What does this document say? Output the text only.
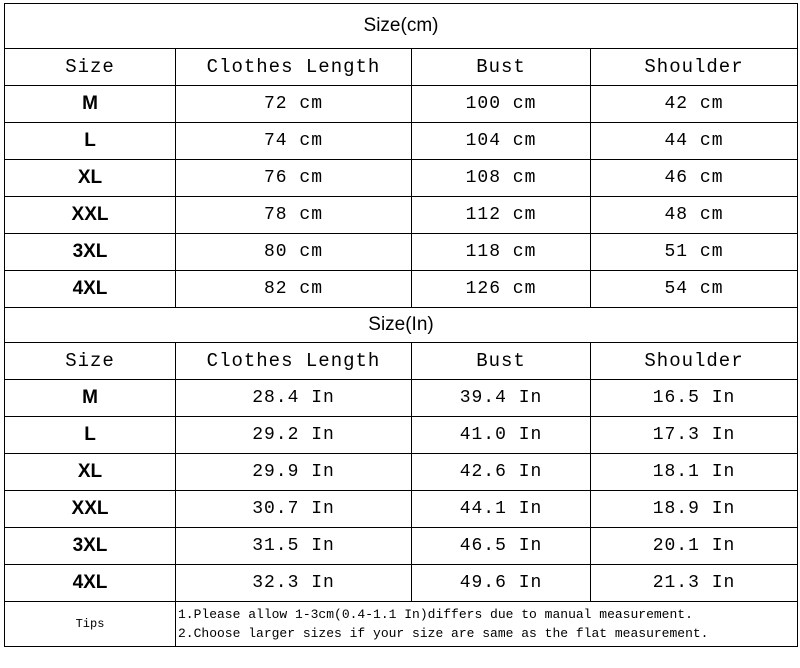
Size(cm)			
Size	Clothes Length	Bust	Shoulder
M	72 cm	100 cm	42 cm
L	74 cm	104 cm	44 cm
XL	76 cm	108 cm	46 cm
XXL	78 cm	112 cm	48 cm
3XL	80 cm	118 cm	51 cm
4XL	82 cm	126 cm	54 cm
Size(In)			
Size	Clothes Length	Bust	Shoulder
M	28.4 In	39.4 In	16.5 In
L	29.2 In	41.0 In	17.3 In
XL	29.9 In	42.6 In	18.1 In
XXL	30.7 In	44.1 In	18.9 In
3XL	31.5 In	46.5 In	20.1 In
4XL	32.3 In	49.6 In	21.3 In
Tips	1.Please allow 1-3cm(0.4-1.1 In)differs due to manual measurement.
2.Choose larger sizes if your size are same as the flat measurement.		
